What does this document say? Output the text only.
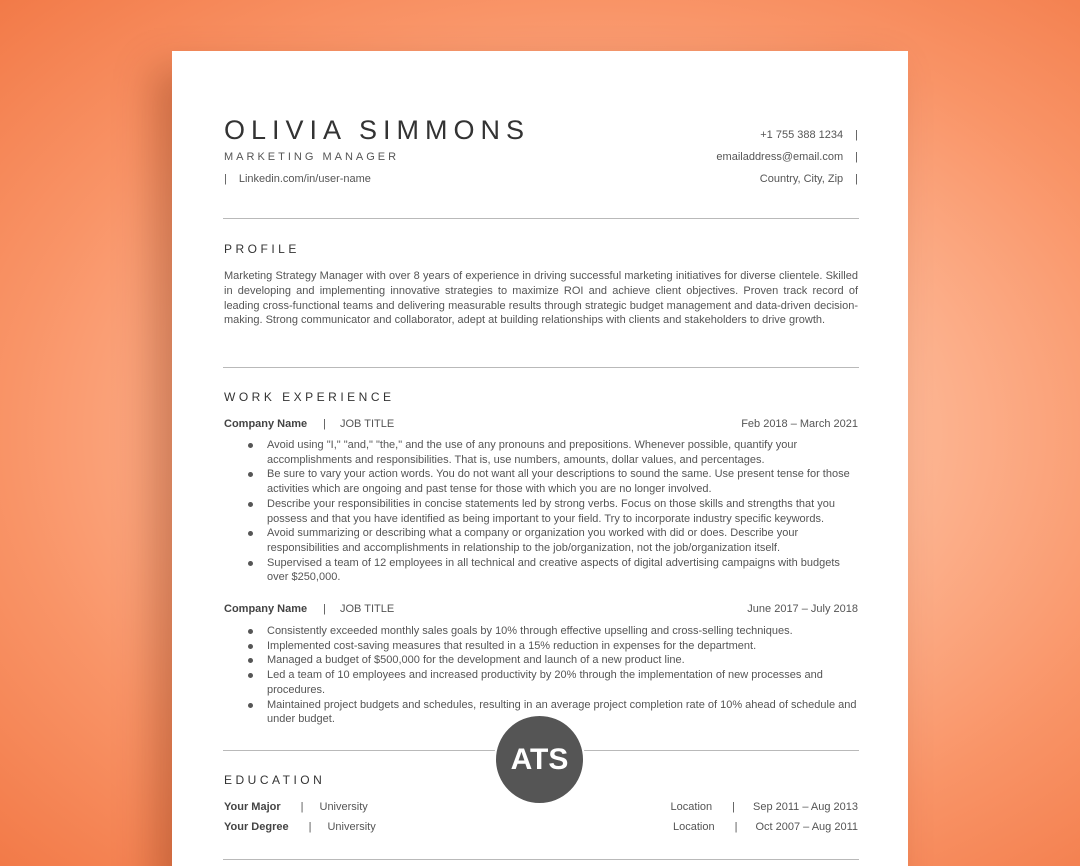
OLIVIA SIMMONS
MARKETING MANAGER
| Linkedin.com/in/user-name
+1 755 388 1234 |
emailaddress@email.com |
Country, City, Zip |
PROFILE
Marketing Strategy Manager with over 8 years of experience in driving successful marketing initiatives for diverse clientele. Skilled in developing and implementing innovative strategies to maximize ROI and achieve client objectives. Proven track record of leading cross-functional teams and delivering measurable results through strategic budget management and data-driven decision-making. Strong communicator and collaborator, adept at building relationships with clients and stakeholders to drive growth.
WORK EXPERIENCE
Company Name | JOB TITLE	Feb 2018 – March 2021
Avoid using "I," "and," "the," and the use of any pronouns and prepositions. Whenever possible, quantify your accomplishments and responsibilities. That is, use numbers, amounts, dollar values, and percentages.
Be sure to vary your action words. You do not want all your descriptions to sound the same. Use present tense for those activities which are ongoing and past tense for those with which you are no longer involved.
Describe your responsibilities in concise statements led by strong verbs. Focus on those skills and strengths that you possess and that you have identified as being important to your field. Try to incorporate industry specific keywords.
Avoid summarizing or describing what a company or organization you worked with did or does. Describe your responsibilities and accomplishments in relationship to the job/organization, not the job/organization itself.
Supervised a team of 12 employees in all technical and creative aspects of digital advertising campaigns with budgets over $250,000.
Company Name | JOB TITLE	June 2017 – July 2018
Consistently exceeded monthly sales goals by 10% through effective upselling and cross-selling techniques.
Implemented cost-saving measures that resulted in a 15% reduction in expenses for the department.
Managed a budget of $500,000 for the development and launch of a new product line.
Led a team of 10 employees and increased productivity by 20% through the implementation of new processes and procedures.
Maintained project budgets and schedules, resulting in an average project completion rate of 10% ahead of schedule and under budget.
EDUCATION
Your Major | University	Location | Sep 2011 – Aug 2013
Your Degree | University	Location | Oct 2007 – Aug 2011
ATS
